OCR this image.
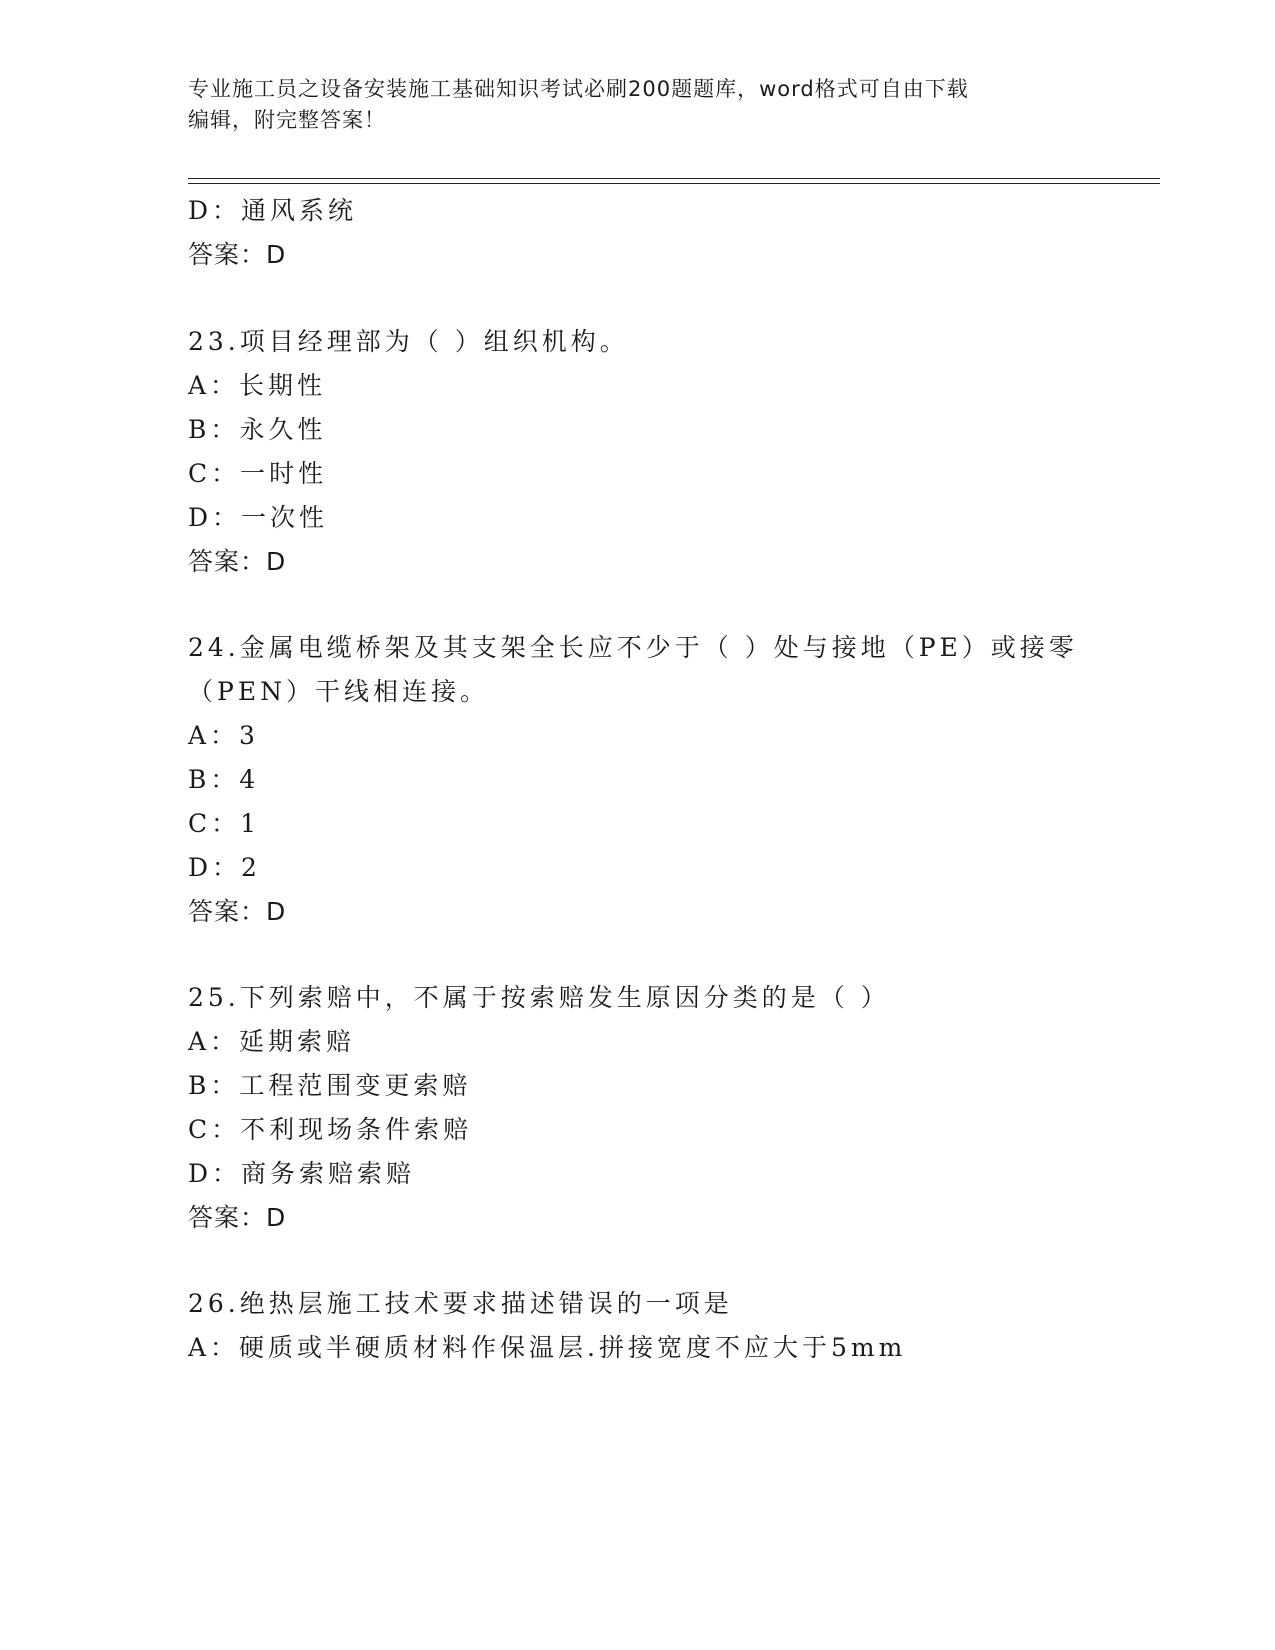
专业施工员之设备安装施工基础知识考试必刷200题题库，word格式可自由下载
编辑，附完整答案！
D：通风系统
答案：D
23.项目经理部为（ ）组织机构。
A：长期性
B：永久性
C：一时性
D：一次性
答案：D
24.金属电缆桥架及其支架全长应不少于（ ）处与接地（PE）或接零
（PEN）干线相连接。
A：3
B：4
C：1
D：2
答案：D
25.下列索赔中，不属于按索赔发生原因分类的是（ ）
A：延期索赔
B：工程范围变更索赔
C：不利现场条件索赔
D：商务索赔索赔
答案：D
26.绝热层施工技术要求描述错误的一项是
A：硬质或半硬质材料作保温层.拼接宽度不应大于5mm
